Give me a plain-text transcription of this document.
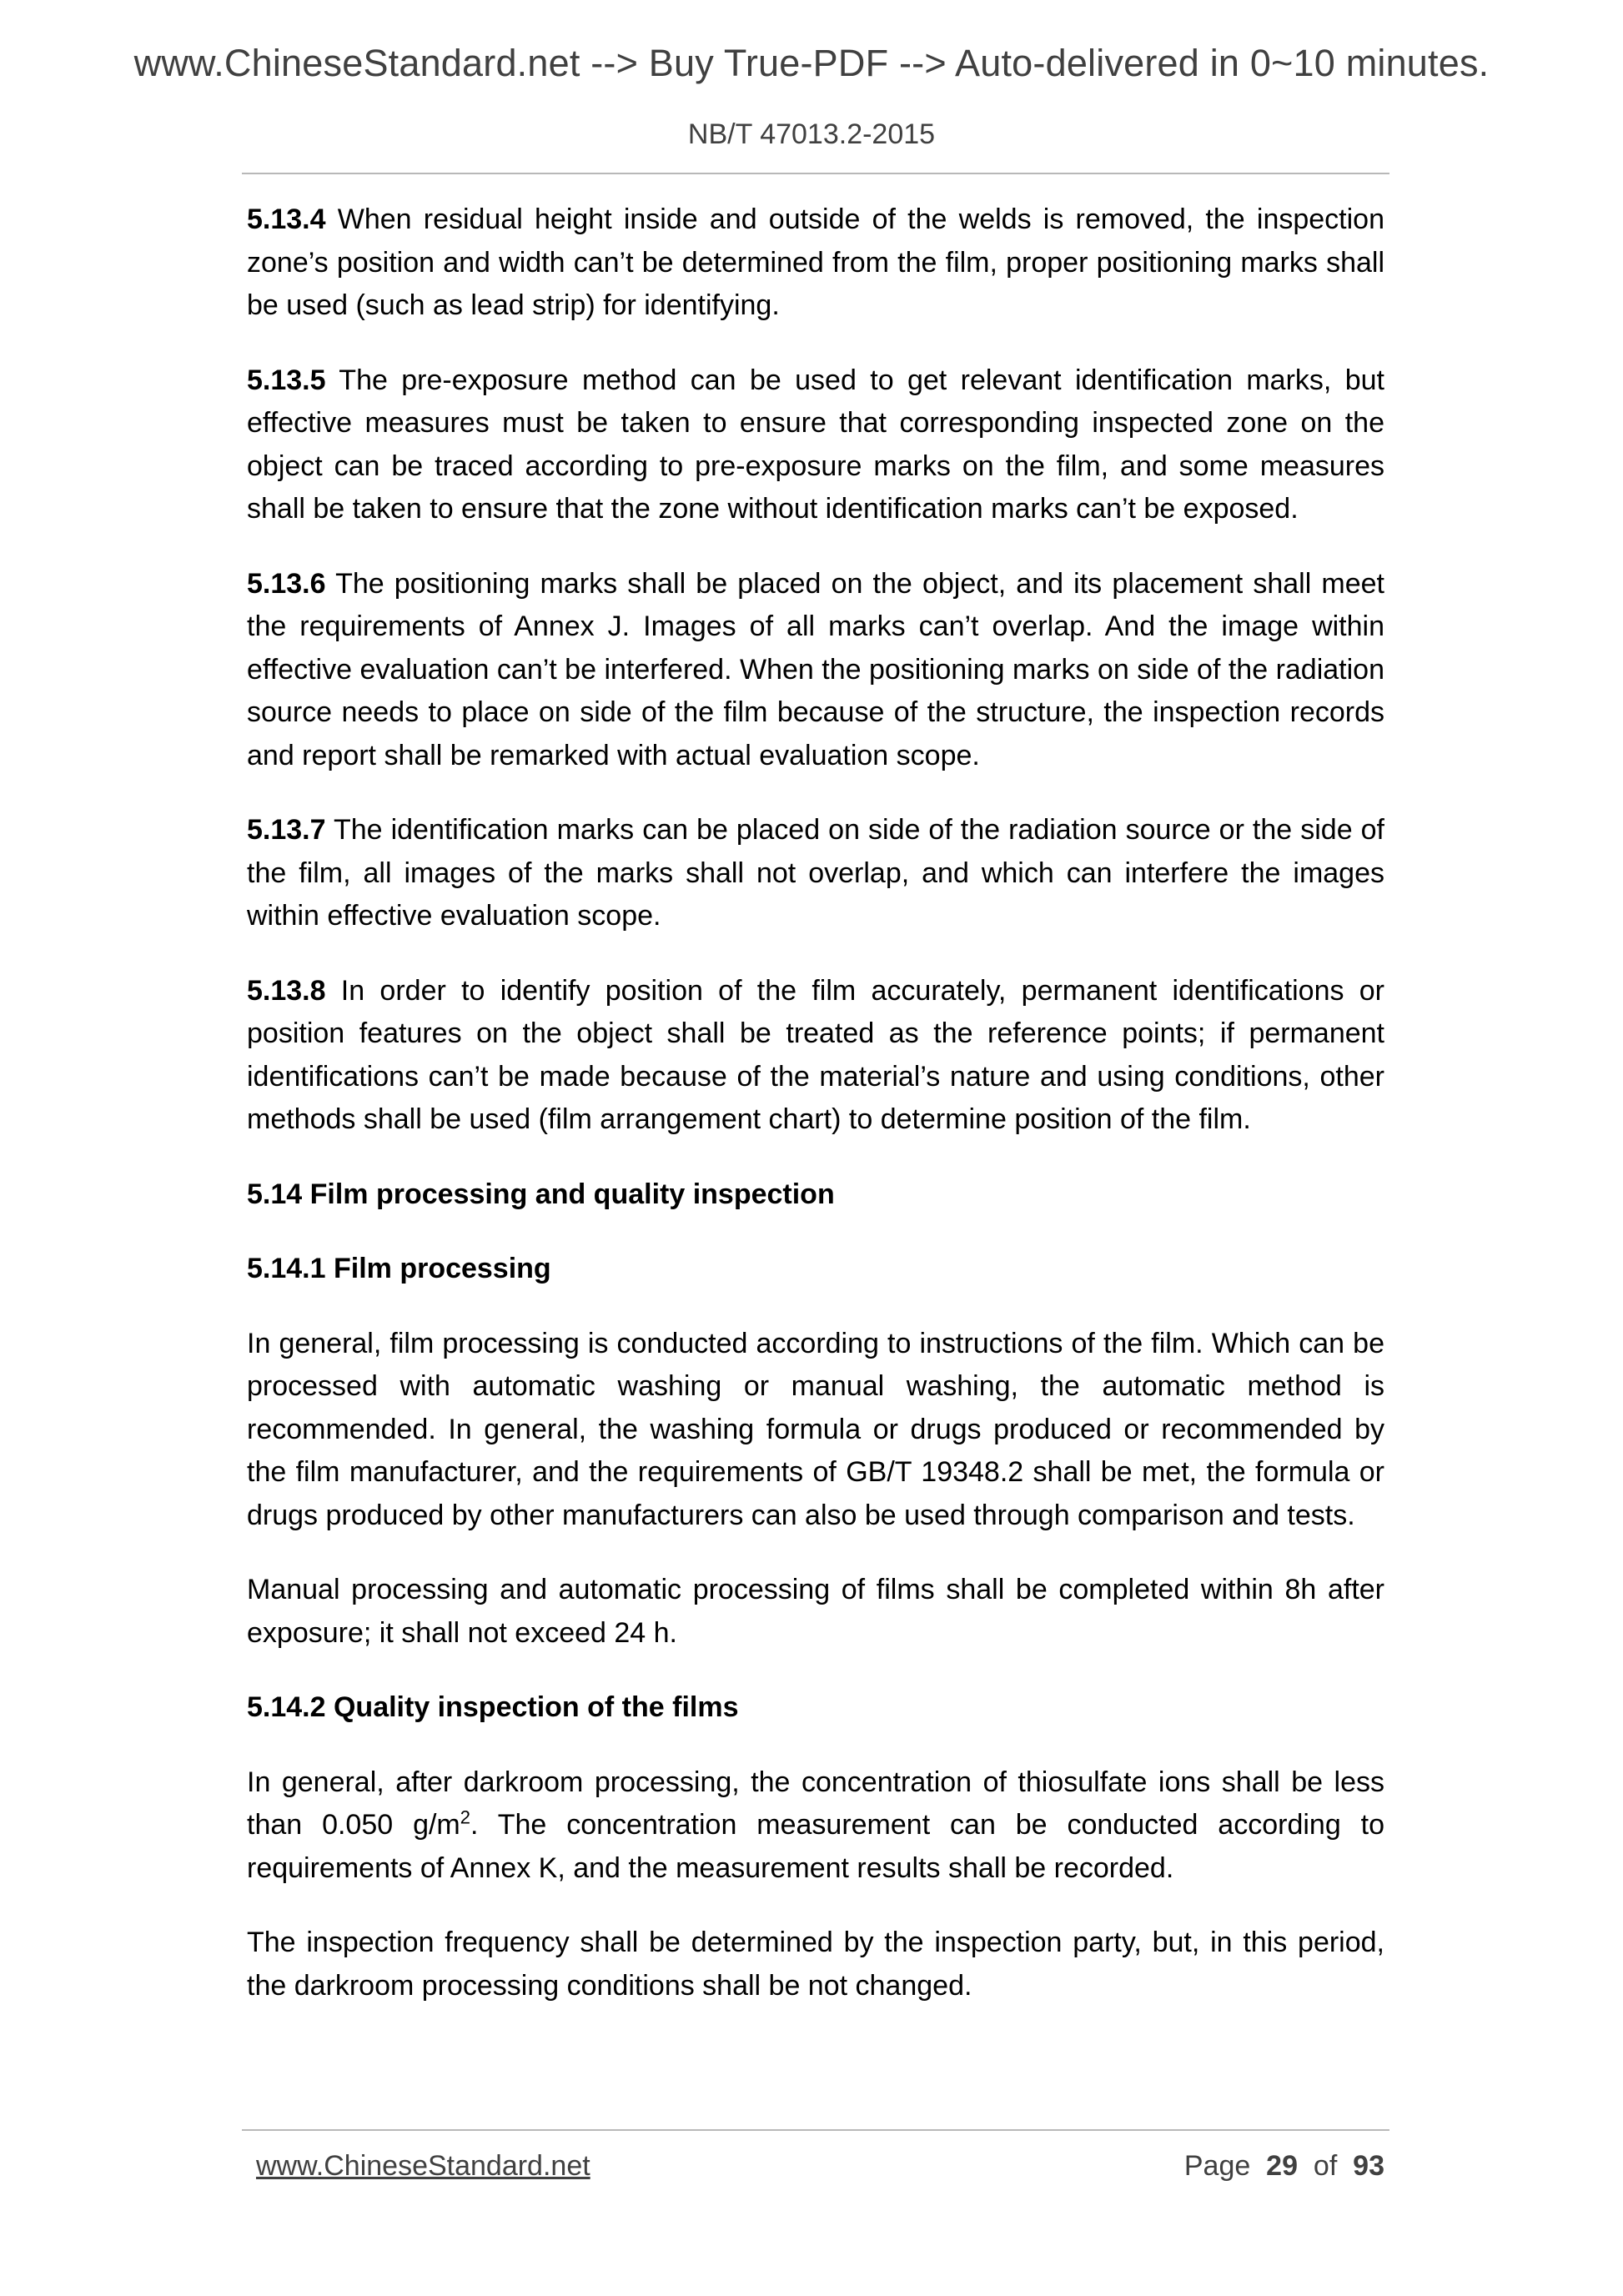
www.ChineseStandard.net --> Buy True-PDF --> Auto-delivered in 0~10 minutes.
NB/T 47013.2-2015

5.13.4 When residual height inside and outside of the welds is removed, the inspection zone’s position and width can’t be determined from the film, proper positioning marks shall be used (such as lead strip) for identifying.

5.13.5 The pre-exposure method can be used to get relevant identification marks, but effective measures must be taken to ensure that corresponding inspected zone on the object can be traced according to pre-exposure marks on the film, and some measures shall be taken to ensure that the zone without identification marks can’t be exposed.

5.13.6 The positioning marks shall be placed on the object, and its placement shall meet the requirements of Annex J. Images of all marks can’t overlap. And the image within effective evaluation can’t be interfered. When the positioning marks on side of the radiation source needs to place on side of the film because of the structure, the inspection records and report shall be remarked with actual evaluation scope.

5.13.7 The identification marks can be placed on side of the radiation source or the side of the film, all images of the marks shall not overlap, and which can interfere the images within effective evaluation scope.

5.13.8 In order to identify position of the film accurately, permanent identifications or position features on the object shall be treated as the reference points; if permanent identifications can’t be made because of the material’s nature and using conditions, other methods shall be used (film arrangement chart) to determine position of the film.

5.14 Film processing and quality inspection
5.14.1 Film processing

In general, film processing is conducted according to instructions of the film. Which can be processed with automatic washing or manual washing, the automatic method is recommended. In general, the washing formula or drugs produced or recommended by the film manufacturer, and the requirements of GB/T 19348.2 shall be met, the formula or drugs produced by other manufacturers can also be used through comparison and tests.

Manual processing and automatic processing of films shall be completed within 8h after exposure; it shall not exceed 24 h.

5.14.2 Quality inspection of the films

In general, after darkroom processing, the concentration of thiosulfate ions shall be less than 0.050 $g/m^2$. The concentration measurement can be conducted according to requirements of Annex K, and the measurement results shall be recorded.

The inspection frequency shall be determined by the inspection party, but, in this period, the darkroom processing conditions shall be not changed.

www.ChineseStandard.net	Page 29 of 93
